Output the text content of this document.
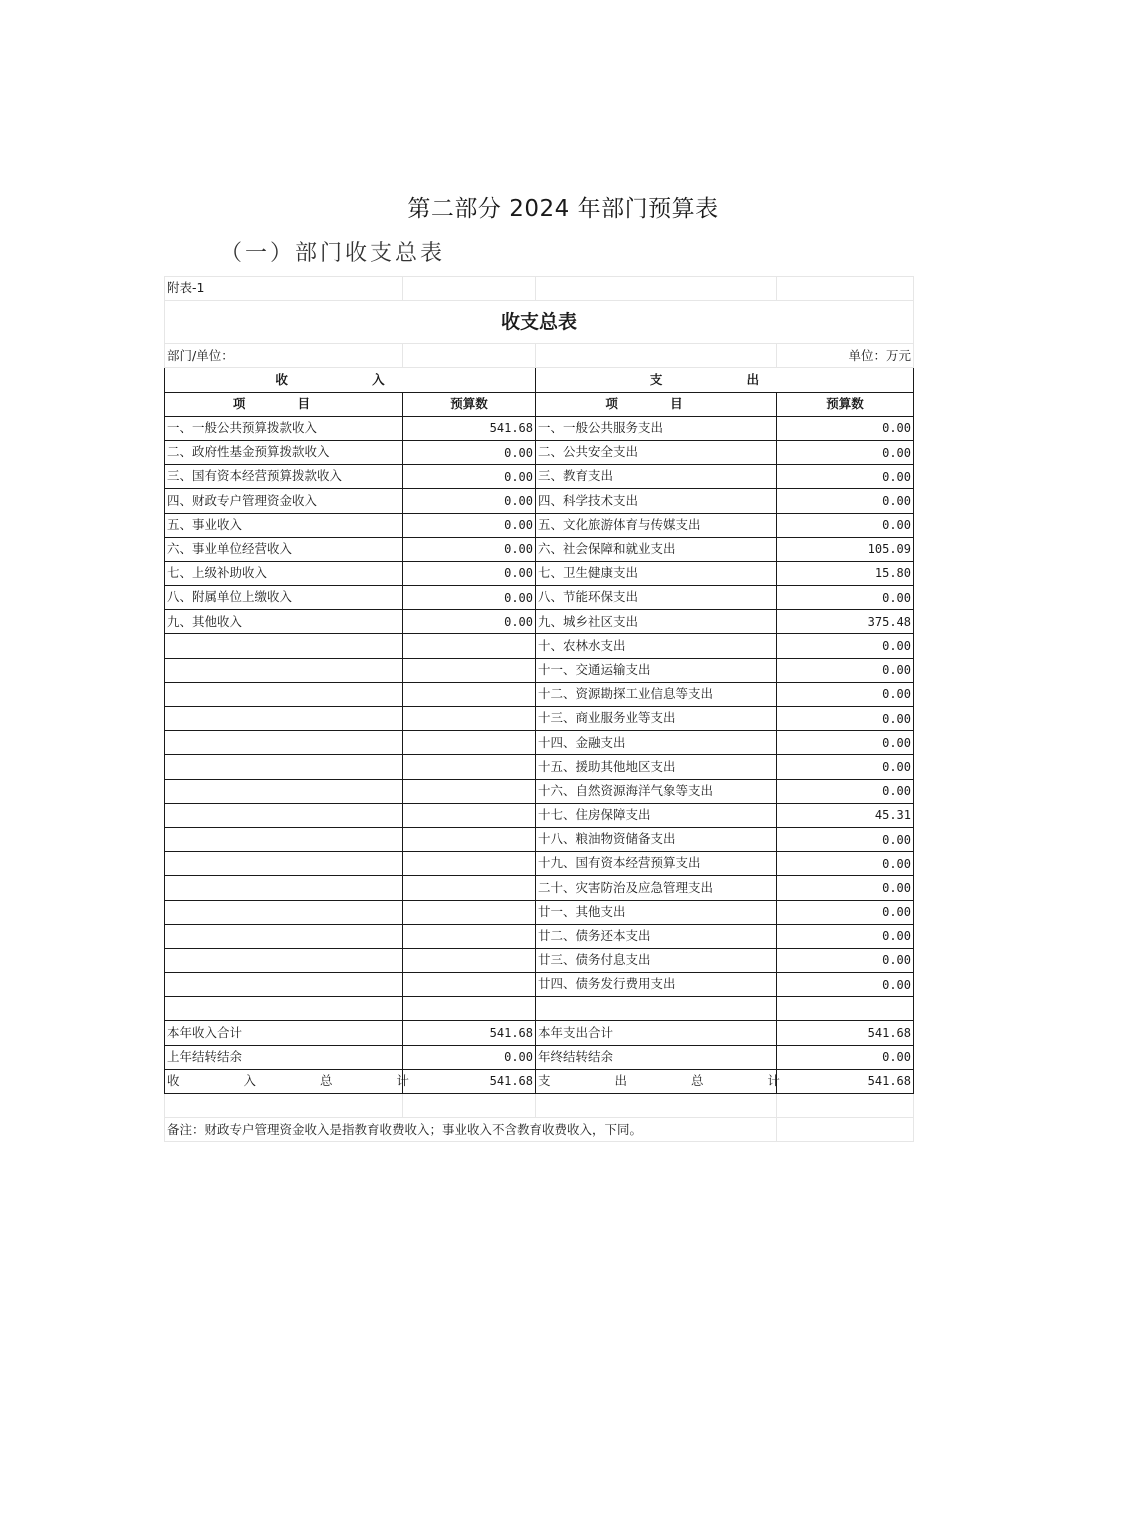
第二部分 2024 年部门预算表
（一）部门收支总表
附表-1			
收支总表			
部门/单位：			单位：万元
收 入		支 出	
项 目	预算数	项 目	预算数
一、一般公共预算拨款收入	541.68	一、一般公共服务支出	0.00
二、政府性基金预算拨款收入	0.00	二、公共安全支出	0.00
三、国有资本经营预算拨款收入	0.00	三、教育支出	0.00
四、财政专户管理资金收入	0.00	四、科学技术支出	0.00
五、事业收入	0.00	五、文化旅游体育与传媒支出	0.00
六、事业单位经营收入	0.00	六、社会保障和就业支出	105.09
七、上级补助收入	0.00	七、卫生健康支出	15.80
八、附属单位上缴收入	0.00	八、节能环保支出	0.00
九、其他收入	0.00	九、城乡社区支出	375.48
		十、农林水支出	0.00
		十一、交通运输支出	0.00
		十二、资源勘探工业信息等支出	0.00
		十三、商业服务业等支出	0.00
		十四、金融支出	0.00
		十五、援助其他地区支出	0.00
		十六、自然资源海洋气象等支出	0.00
		十七、住房保障支出	45.31
		十八、粮油物资储备支出	0.00
		十九、国有资本经营预算支出	0.00
		二十、灾害防治及应急管理支出	0.00
		廿一、其他支出	0.00
		廿二、债务还本支出	0.00
		廿三、债务付息支出	0.00
		廿四、债务发行费用支出	0.00

本年收入合计	541.68	本年支出合计	541.68
上年结转结余	0.00	年终结转结余	0.00
收 入 总 计	541.68	支 出 总 计	541.68

备注：财政专户管理资金收入是指教育收费收入；事业收入不含教育收费收入，下同。			
